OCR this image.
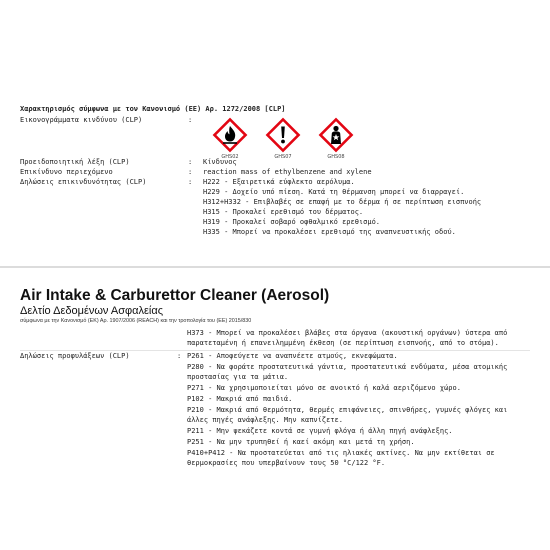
Χαρακτηρισμός σύμφωνα με τον Κανονισμό (ΕΕ) Αρ. 1272/2008 [CLP]
Εικονογράμματα κινδύνου (CLP)	:
GHS02	GHS07	GHS08
Προειδοποιητική λέξη (CLP)	: Κίνδυνος
Επικίνδυνο περιεχόμενο	: reaction mass of ethylbenzene and xylene
Δηλώσεις επικινδυνότητας (CLP)	: H222 - Εξαιρετικά εύφλεκτο αερόλυμα.
H229 - Δοχείο υπό πίεση. Κατά τη θέρμανση μπορεί να διαρραγεί.
H312+H332 - Επιβλαβές σε επαφή με το δέρμα ή σε περίπτωση εισπνοής
H315 - Προκαλεί ερεθισμό του δέρματος.
H319 - Προκαλεί σοβαρό οφθαλμικό ερεθισμό.
H335 - Μπορεί να προκαλέσει ερεθισμό της αναπνευστικής οδού.
Air Intake & Carburettor Cleaner (Aerosol)
Δελτίο Δεδομένων Ασφαλείας
σύμφωνα με την Κανονισμό (ΕΚ) Αρ. 1907/2006 (REACH) και την τροπολογία του (ΕΕ) 2015/830
H373 - Μπορεί να προκαλέσει βλάβες στα όργανα (ακουστική οργάνων) ύστερα από
παρατεταμένη ή επανειλημμένη έκθεση (σε περίπτωση εισπνοής, από το στόμα).
Δηλώσεις προφυλάξεων (CLP)	: P261 - Αποφεύγετε να αναπνέετε ατμούς, εκνεφώματα.
P280 - Να φοράτε προστατευτικά γάντια, προστατευτικά ενδύματα, μέσα ατομικής
προστασίας για τα μάτια.
P271 - Να χρησιμοποιείται μόνο σε ανοικτό ή καλά αεριζόμενο χώρο.
P102 - Μακριά από παιδιά.
P210 - Μακριά από θερμότητα, θερμές επιφάνειες, σπινθήρες, γυμνές φλόγες και
άλλες πηγές ανάφλεξης. Μην καπνίζετε.
P211 - Μην ψεκάζετε κοντά σε γυμνή φλόγα ή άλλη πηγή ανάφλεξης.
P251 - Να μην τρυπηθεί ή καεί ακόμη και μετά τη χρήση.
P410+P412 - Να προστατεύεται από τις ηλιακές ακτίνες. Να μην εκτίθεται σε
θερμοκρασίες που υπερβαίνουν τους 50 °C/122 °F.
